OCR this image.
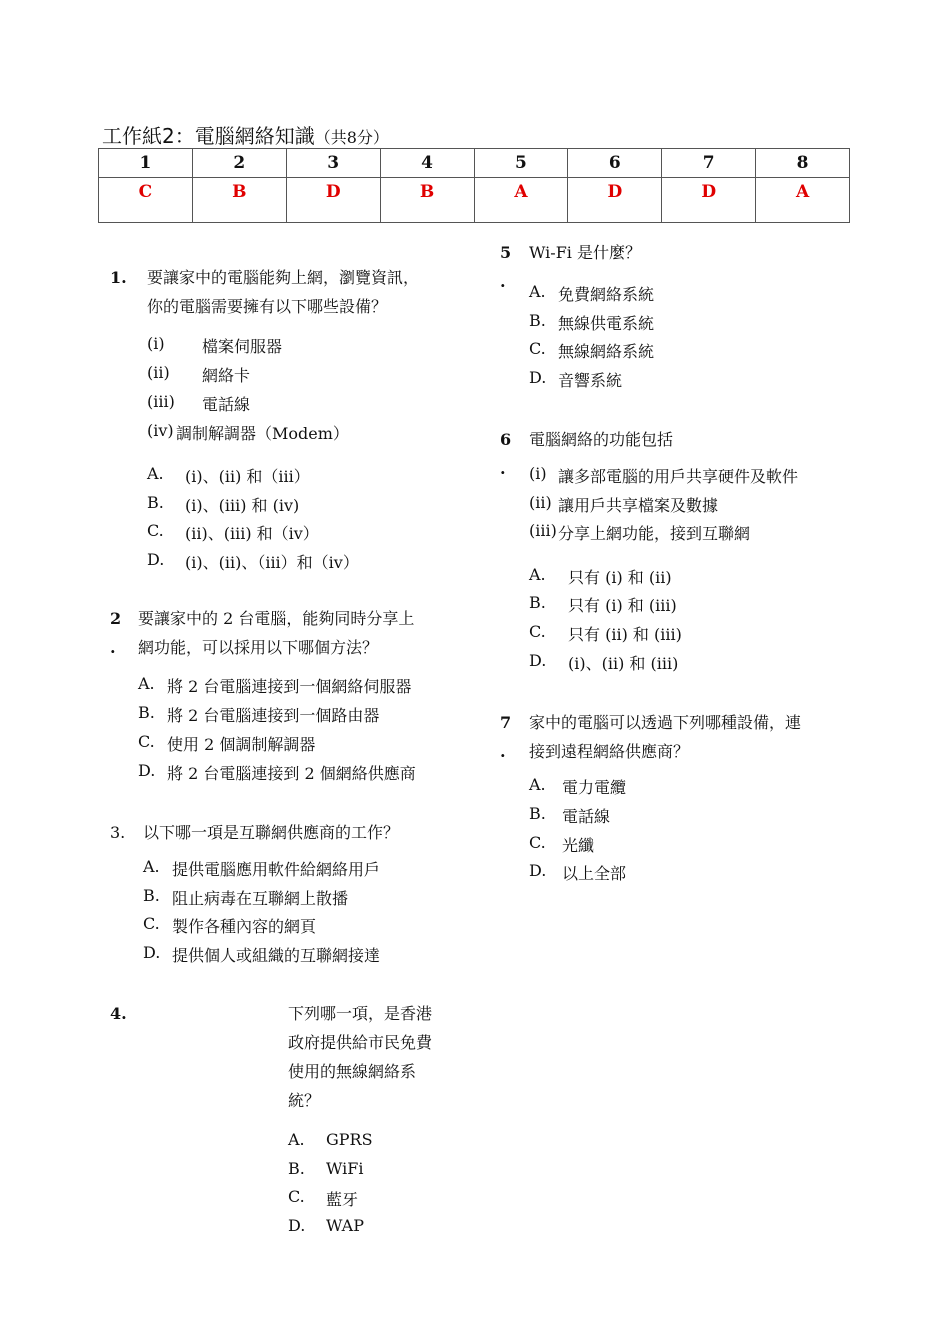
工作紙2：電腦網絡知識（共8分）
1	2	3	4	5	6	7	8
C	B	D	B	A	D	D	A
1. 要讓家中的電腦能夠上網，瀏覽資訊，
你的電腦需要擁有以下哪些設備？
(i) 檔案伺服器
(ii) 網絡卡
(iii) 電話線
(iv) 調制解調器（Modem）
A. (i)、(ii) 和（iii）
B. (i)、(iii) 和 (iv)
C. (ii)、(iii) 和（iv）
D. (i)、(ii)、（iii）和（iv）
2
.
要讓家中的 2 台電腦，能夠同時分享上
網功能，可以採用以下哪個方法？
A. 將 2 台電腦連接到一個網絡伺服器
B. 將 2 台電腦連接到一個路由器
C. 使用 2 個調制解調器
D. 將 2 台電腦連接到 2 個網絡供應商
3. 以下哪一項是互聯網供應商的工作？
A. 提供電腦應用軟件給網絡用戶
B. 阻止病毒在互聯網上散播
C. 製作各種內容的網頁
D. 提供個人或組織的互聯網接達
4.	下列哪一項，是香港
政府提供給市民免費
使用的無線網絡系
統？
A. GPRS
B. WiFi
C. 藍牙
D. WAP
5
.
Wi-Fi 是什麼？
A. 免費網絡系統
B. 無線供電系統
C. 無線網絡系統
D. 音響系統
6
.
電腦網絡的功能包括
(i) 讓多部電腦的用戶共享硬件及軟件
(ii) 讓用戶共享檔案及數據
(iii) 分享上網功能，接到互聯網
A. 只有 (i) 和 (ii)
B. 只有 (i) 和 (iii)
C. 只有 (ii) 和 (iii)
D. (i)、(ii) 和 (iii)
7
.
家中的電腦可以透過下列哪種設備，連
接到遠程網絡供應商？
A. 電力電纜
B. 電話線
C. 光纖
D. 以上全部
